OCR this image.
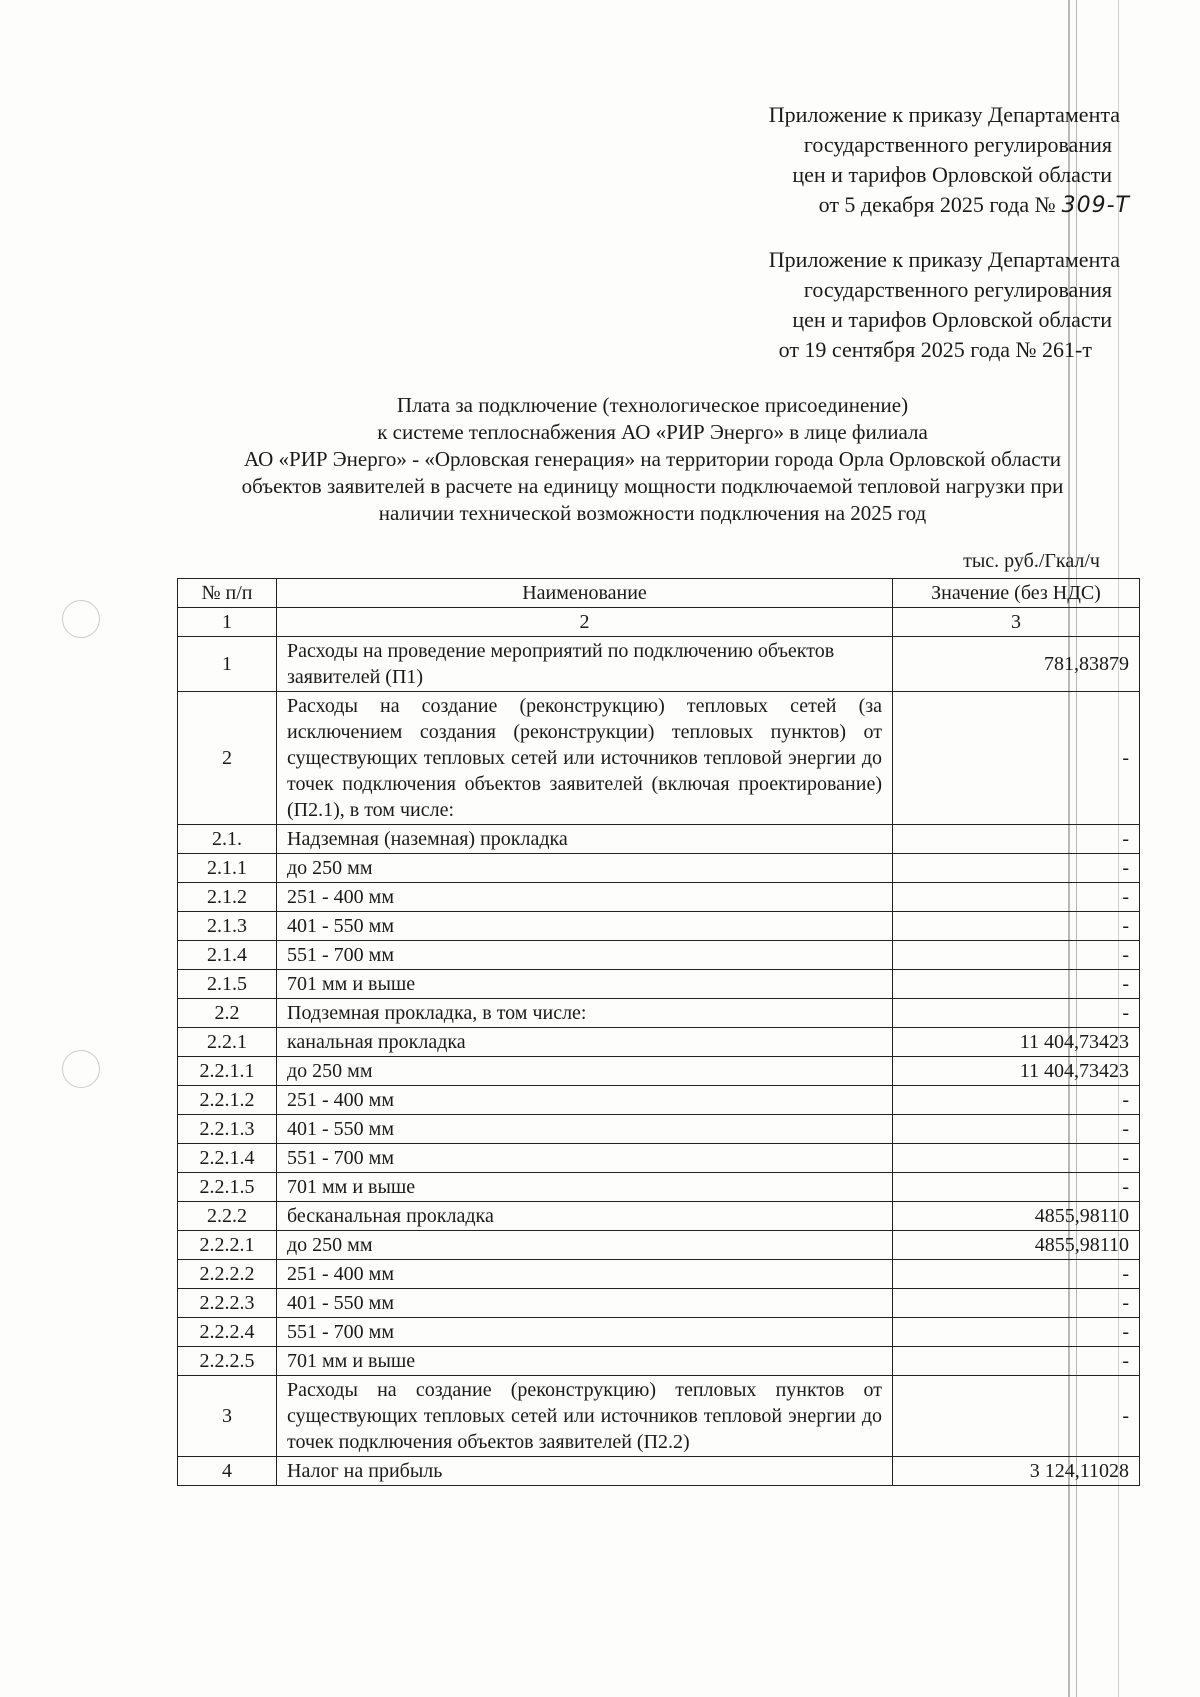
Приложение к приказу Департамента
государственного регулирования
цен и тарифов Орловской области
от 5 декабря 2025 года № 309-Т
Приложение к приказу Департамента
государственного регулирования
цен и тарифов Орловской области
от 19 сентября 2025 года № 261-т
Плата за подключение (технологическое присоединение)
к системе теплоснабжения АО «РИР Энерго» в лице филиала
АО «РИР Энерго» - «Орловская генерация» на территории города Орла Орловской области
объектов заявителей в расчете на единицу мощности подключаемой тепловой нагрузки при
наличии технической возможности подключения на 2025 год
тыс. руб./Гкал/ч
№ п/п	Наименование	Значение (без НДС)
1	2	3
1	Расходы на проведение мероприятий по подключению объектов заявителей (П1)	781,83879
2	Расходы на создание (реконструкцию) тепловых сетей (за исключением создания (реконструкции) тепловых пунктов) от существующих тепловых сетей или источников тепловой энергии до точек подключения объектов заявителей (включая проектирование) (П2.1), в том числе:	-
2.1.	Надземная (наземная) прокладка	-
2.1.1	до 250 мм	-
2.1.2	251 - 400 мм	-
2.1.3	401 - 550 мм	-
2.1.4	551 - 700 мм	-
2.1.5	701 мм и выше	-
2.2	Подземная прокладка, в том числе:	-
2.2.1	канальная прокладка	11 404,73423
2.2.1.1	до 250 мм	11 404,73423
2.2.1.2	251 - 400 мм	-
2.2.1.3	401 - 550 мм	-
2.2.1.4	551 - 700 мм	-
2.2.1.5	701 мм и выше	-
2.2.2	бесканальная прокладка	4855,98110
2.2.2.1	до 250 мм	4855,98110
2.2.2.2	251 - 400 мм	-
2.2.2.3	401 - 550 мм	-
2.2.2.4	551 - 700 мм	-
2.2.2.5	701 мм и выше	-
3	Расходы на создание (реконструкцию) тепловых пунктов от существующих тепловых сетей или источников тепловой энергии до точек подключения объектов заявителей (П2.2)	-
4	Налог на прибыль	3 124,11028
